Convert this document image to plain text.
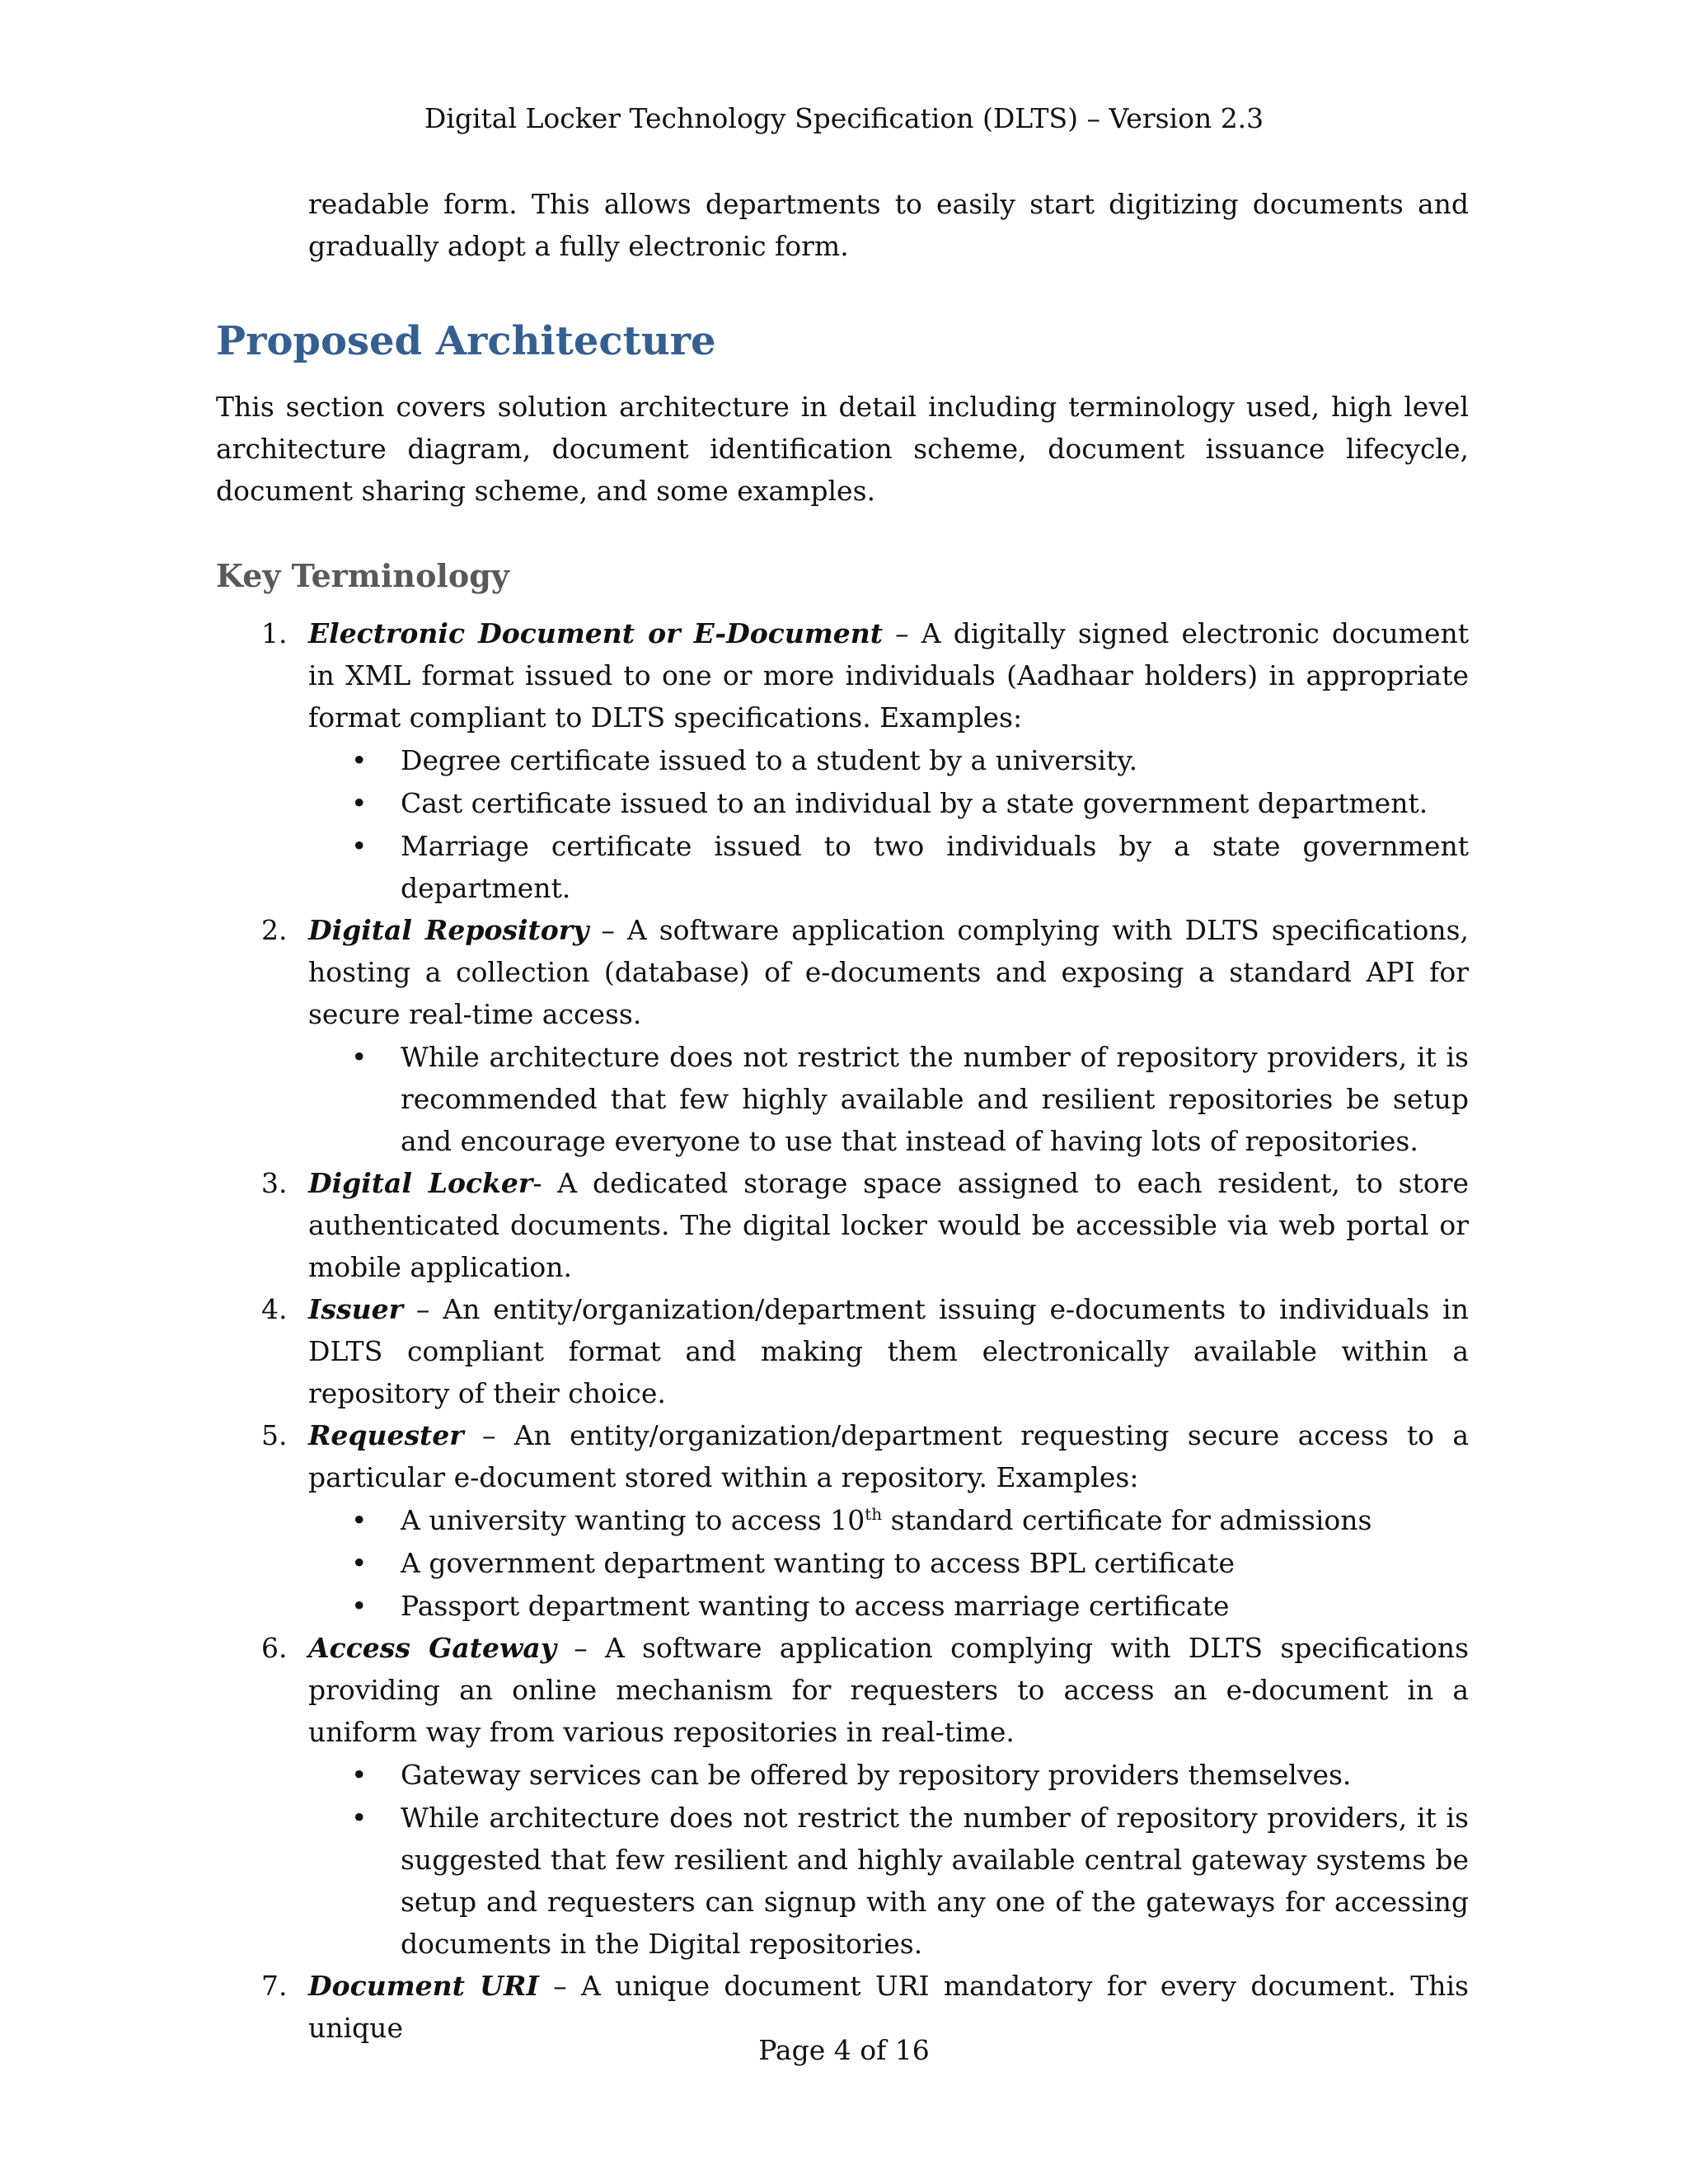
Digital Locker Technology Specification (DLTS) – Version 2.3

readable form. This allows departments to easily start digitizing documents and gradually adopt a fully electronic form.

Proposed Architecture

This section covers solution architecture in detail including terminology used, high level architecture diagram, document identification scheme, document issuance lifecycle, document sharing scheme, and some examples.

Key Terminology
1. Electronic Document or E-Document – A digitally signed electronic document in XML format issued to one or more individuals (Aadhaar holders) in appropriate format compliant to DLTS specifications. Examples:
• Degree certificate issued to a student by a university.
• Cast certificate issued to an individual by a state government department.
• Marriage certificate issued to two individuals by a state government department.
2. Digital Repository – A software application complying with DLTS specifications, hosting a collection (database) of e-documents and exposing a standard API for secure real-time access.
• While architecture does not restrict the number of repository providers, it is recommended that few highly available and resilient repositories be setup and encourage everyone to use that instead of having lots of repositories.
3. Digital Locker- A dedicated storage space assigned to each resident, to store authenticated documents. The digital locker would be accessible via web portal or mobile application.
4. Issuer – An entity/organization/department issuing e-documents to individuals in DLTS compliant format and making them electronically available within a repository of their choice.
5. Requester – An entity/organization/department requesting secure access to a particular e-document stored within a repository. Examples:
• A university wanting to access 10th standard certificate for admissions
• A government department wanting to access BPL certificate
• Passport department wanting to access marriage certificate
6. Access Gateway – A software application complying with DLTS specifications providing an online mechanism for requesters to access an e-document in a uniform way from various repositories in real-time.
• Gateway services can be offered by repository providers themselves.
• While architecture does not restrict the number of repository providers, it is suggested that few resilient and highly available central gateway systems be setup and requesters can signup with any one of the gateways for accessing documents in the Digital repositories.
7. Document URI – A unique document URI mandatory for every document. This unique
Page 4 of 16
